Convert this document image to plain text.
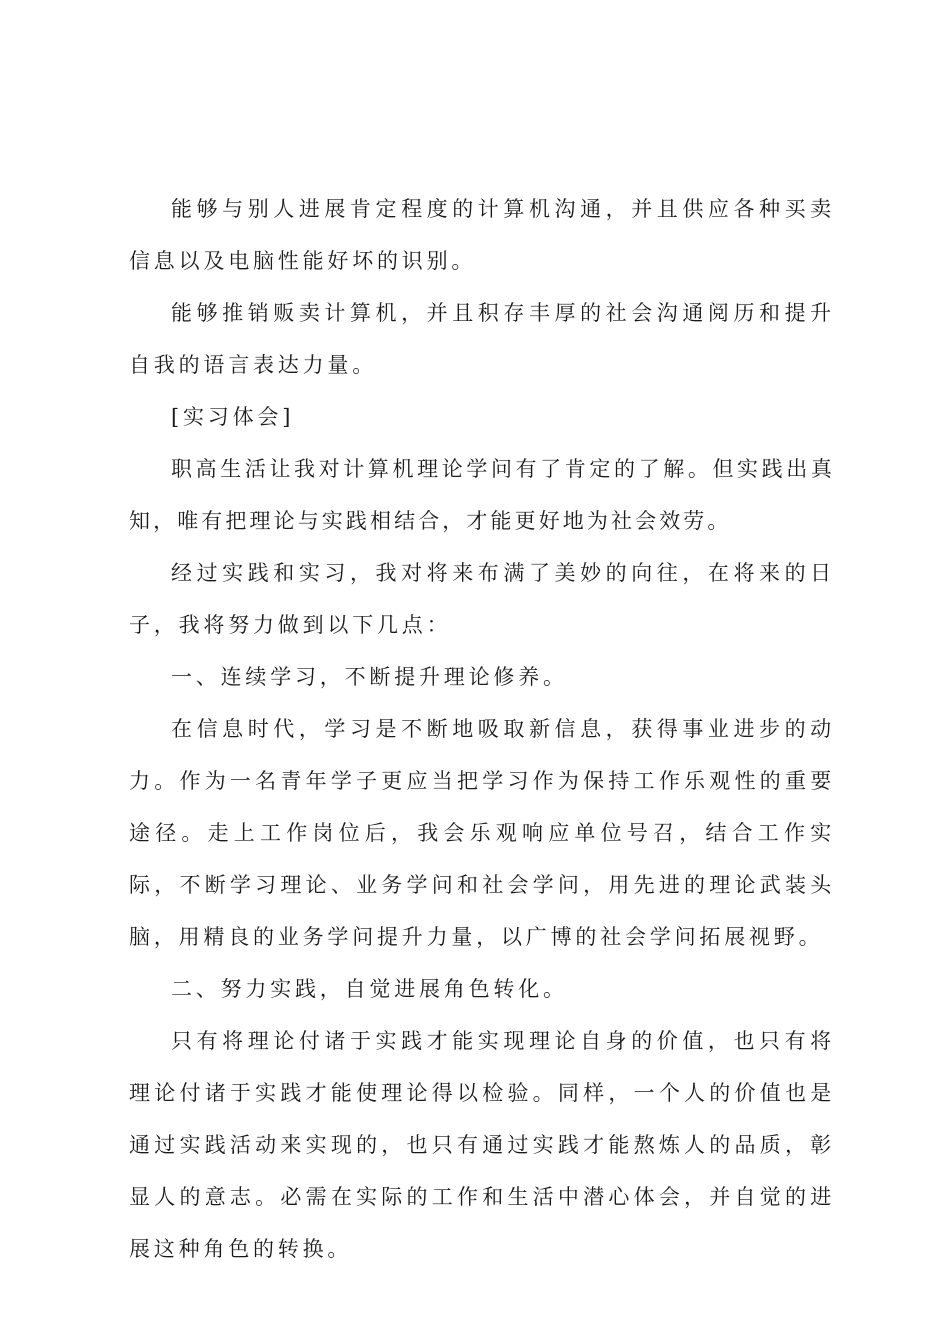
能够与别人进展肯定程度的计算机沟通，并且供应各种买卖信息以及电脑性能好坏的识别。

能够推销贩卖计算机，并且积存丰厚的社会沟通阅历和提升自我的语言表达力量。

[实习体会]

职高生活让我对计算机理论学问有了肯定的了解。但实践出真知，唯有把理论与实践相结合，才能更好地为社会效劳。

经过实践和实习，我对将来布满了美妙的向往，在将来的日子，我将努力做到以下几点：

一、连续学习，不断提升理论修养。

在信息时代，学习是不断地吸取新信息，获得事业进步的动力。作为一名青年学子更应当把学习作为保持工作乐观性的重要途径。走上工作岗位后，我会乐观响应单位号召，结合工作实际，不断学习理论、业务学问和社会学问，用先进的理论武装头脑，用精良的业务学问提升力量，以广博的社会学问拓展视野。

二、努力实践，自觉进展角色转化。

只有将理论付诸于实践才能实现理论自身的价值，也只有将理论付诸于实践才能使理论得以检验。同样，一个人的价值也是通过实践活动来实现的，也只有通过实践才能熬炼人的品质，彰显人的意志。必需在实际的工作和生活中潜心体会，并自觉的进展这种角色的转换。
